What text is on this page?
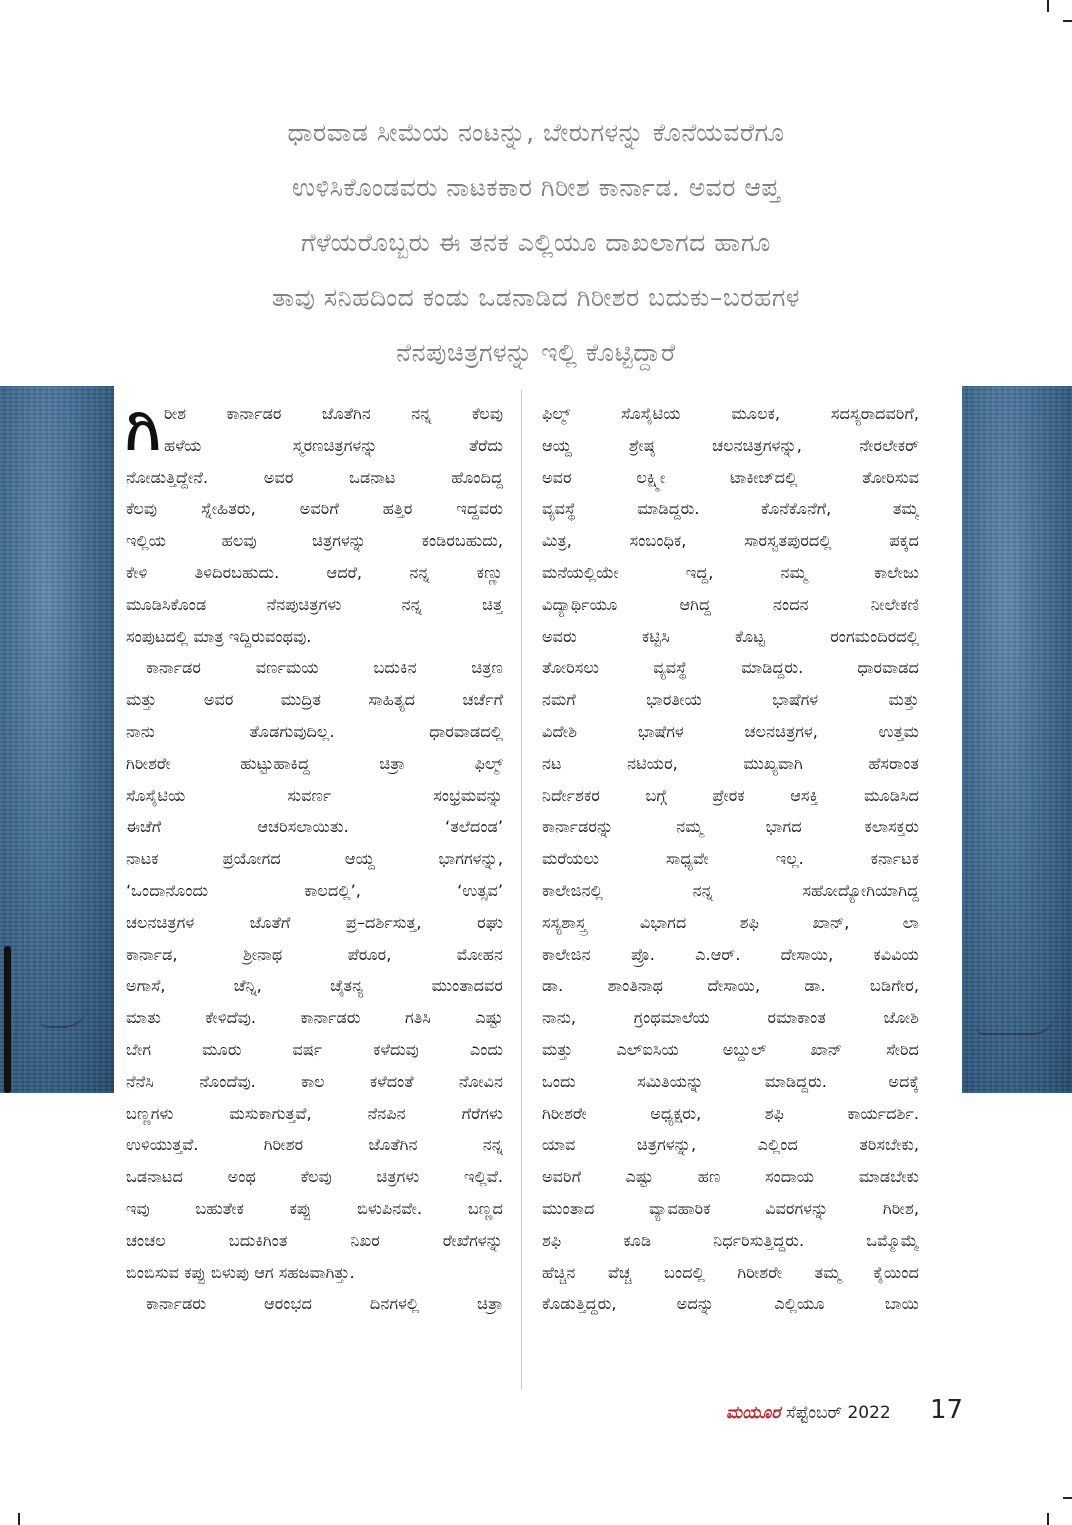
ಧಾರವಾಡ ಸೀಮೆಯ ನಂಟನ್ನು, ಬೇರುಗಳನ್ನು ಕೊನೆಯವರೆಗೂ
ಉಳಿಸಿಕೊಂಡವರು ನಾಟಕಕಾರ ಗಿರೀಶ ಕಾರ್ನಾಡ. ಅವರ ಆಪ್ತ
ಗೆಳೆಯರೊಬ್ಬರು ಈ ತನಕ ಎಲ್ಲಿಯೂ ದಾಖಲಾಗದ ಹಾಗೂ
ತಾವು ಸನಿಹದಿಂದ ಕಂಡು ಒಡನಾಡಿದ ಗಿರೀಶರ ಬದುಕು–ಬರಹಗಳ
ನೆನಪುಚಿತ್ರಗಳನ್ನು ಇಲ್ಲಿ ಕೊಟ್ಟಿದ್ದಾರೆ
ಗಿ ರೀಶ ಕಾರ್ನಾಡರ ಜೊತೆಗಿನ ನನ್ನ ಕೆಲವು
ಹಳೆಯ ಸ್ಮರಣಚಿತ್ರಗಳನ್ನು ತೆರೆದು
ನೋಡುತ್ತಿದ್ದೇನೆ. ಅವರ ಒಡನಾಟ ಹೊಂದಿದ್ದ
ಕೆಲವು ಸ್ನೇಹಿತರು, ಅವರಿಗೆ ಹತ್ತಿರ ಇದ್ದವರು
ಇಲ್ಲಿಯ ಹಲವು ಚಿತ್ರಗಳನ್ನು ಕಂಡಿರಬಹುದು,
ಕೇಳಿ ತಿಳಿದಿರಬಹುದು. ಆದರೆ, ನನ್ನ ಕಣ್ಣು
ಮೂಡಿಸಿಕೊಂಡ ನೆನಪುಚಿತ್ರಗಳು ನನ್ನ ಚಿತ್ತ
ಸಂಪುಟದಲ್ಲಿ ಮಾತ್ರ ಇದ್ದಿರುವಂಥವು.
ಕಾರ್ನಾಡರ ವರ್ಣಮಯ ಬದುಕಿನ ಚಿತ್ರಣ
ಮತ್ತು ಅವರ ಮುದ್ರಿತ ಸಾಹಿತ್ಯದ ಚರ್ಚೆಗೆ
ನಾನು ತೊಡಗುವುದಿಲ್ಲ. ಧಾರವಾಡದಲ್ಲಿ
ಗಿರೀಶರೇ ಹುಟ್ಟುಹಾಕಿದ್ದ ಚಿತ್ರಾ ಫಿಲ್ಮ್
ಸೊಸೈಟಿಯ ಸುವರ್ಣ ಸಂಭ್ರಮವನ್ನು
ಈಚೆಗೆ ಆಚರಿಸಲಾಯಿತು. ‘ತಲೆದಂಡ’
ನಾಟಕ ಪ್ರಯೋಗದ ಆಯ್ದ ಭಾಗಗಳನ್ನು,
‘ಒಂದಾನೊಂದು ಕಾಲದಲ್ಲಿ’, ‘ಉತ್ಸವ’
ಚಲನಚಿತ್ರಗಳ ಜೊತೆಗೆ ಪ್ರ–ದರ್ಶಿಸುತ್ತ, ರಘು
ಕಾರ್ನಾಡ, ಶ್ರೀನಾಥ ಪೆರೂರ, ಮೋಹನ
ಅಗಾಸೆ, ಚೆನ್ನಿ, ಚೈತನ್ಯ ಮುಂತಾದವರ
ಮಾತು ಕೇಳಿದೆವು. ಕಾರ್ನಾಡರು ಗತಿಸಿ ಎಷ್ಟು
ಬೇಗ ಮೂರು ವರ್ಷ ಕಳೆದುವು ಎಂದು
ನೆನೆಸಿ ನೊಂದೆವು. ಕಾಲ ಕಳೆದಂತೆ ನೋವಿನ
ಬಣ್ಣಗಳು ಮಸುಕಾಗುತ್ತವೆ, ನೆನಪಿನ ಗೆರೆಗಳು
ಉಳಿಯುತ್ತವೆ. ಗಿರೀಶರ ಜೊತೆಗಿನ ನನ್ನ
ಒಡನಾಟದ ಅಂಥ ಕೆಲವು ಚಿತ್ರಗಳು ಇಲ್ಲಿವೆ.
ಇವು ಬಹುತೇಕ ಕಪ್ಪು ಬಿಳುಪಿನವೇ. ಬಣ್ಣದ
ಚಂಚಲ ಬದುಕಿಗಿಂತ ನಿಖರ ರೇಖೆಗಳನ್ನು
ಬಿಂಬಿಸುವ ಕಪ್ಪು ಬಿಳುಪು ಆಗ ಸಹಜವಾಗಿತ್ತು.
ಕಾರ್ನಾಡರು ಆರಂಭದ ದಿನಗಳಲ್ಲಿ ಚಿತ್ರಾ
ಫಿಲ್ಮ್ ಸೊಸೈಟಿಯ ಮೂಲಕ, ಸದಸ್ಯರಾದವರಿಗೆ,
ಆಯ್ದ ಶ್ರೇಷ್ಠ ಚಲನಚಿತ್ರಗಳನ್ನು, ನೇರಲೇಕರ್
ಅವರ ಲಕ್ಷ್ಮೀ ಟಾಕೀಜ್‌ದಲ್ಲಿ ತೋರಿಸುವ
ವ್ಯವಸ್ಥೆ ಮಾಡಿದ್ದರು. ಕೊನೆಕೊನೆಗೆ, ತಮ್ಮ
ಮಿತ್ರ, ಸಂಬಂಧಿಕ, ಸಾರಸ್ವತಪುರದಲ್ಲಿ ಪಕ್ಕದ
ಮನೆಯಲ್ಲಿಯೇ ಇದ್ದ, ನಮ್ಮ ಕಾಲೇಜು
ವಿದ್ಯಾರ್ಥಿಯೂ ಆಗಿದ್ದ ನಂದನ ನೀಲೇಕಣಿ
ಅವರು ಕಟ್ಟಿಸಿ ಕೊಟ್ಟ ರಂಗಮಂದಿರದಲ್ಲಿ
ತೋರಿಸಲು ವ್ಯವಸ್ಥೆ ಮಾಡಿದ್ದರು. ಧಾರವಾಡದ
ನಮಗೆ ಭಾರತೀಯ ಭಾಷೆಗಳ ಮತ್ತು
ವಿದೇಶಿ ಭಾಷೆಗಳ ಚಲನಚಿತ್ರಗಳ, ಉತ್ತಮ
ನಟ ನಟಿಯರ, ಮುಖ್ಯವಾಗಿ ಹೆಸರಾಂತ
ನಿರ್ದೇಶಕರ ಬಗ್ಗೆ ಪ್ರೇರಕ ಆಸಕ್ತಿ ಮೂಡಿಸಿದ
ಕಾರ್ನಾಡರನ್ನು ನಮ್ಮ ಭಾಗದ ಕಲಾಸಕ್ತರು
ಮರೆಯಲು ಸಾಧ್ಯವೇ ಇಲ್ಲ. ಕರ್ನಾಟಕ
ಕಾಲೇಜಿನಲ್ಲಿ ನನ್ನ ಸಹೋದ್ಯೋಗಿಯಾಗಿದ್ದ
ಸಸ್ಯಶಾಸ್ತ್ರ ವಿಭಾಗದ ಶಫಿ ಖಾನ್, ಲಾ
ಕಾಲೇಜಿನ ಪ್ರೊ. ಎ.ಆರ್. ದೇಸಾಯಿ, ಕವಿವಿಯ
ಡಾ. ಶಾಂತಿನಾಥ ದೇಸಾಯಿ, ಡಾ. ಬಡಿಗೇರ,
ನಾನು, ಗ್ರಂಥಮಾಲೆಯ ರಮಾಕಾಂತ ಜೋಶಿ
ಮತ್ತು ಎಲ್‌ಐಸಿಯ ಅಬ್ದುಲ್ ಖಾನ್ ಸೇರಿದ
ಒಂದು ಸಮಿತಿಯನ್ನು ಮಾಡಿದ್ದರು. ಅದಕ್ಕೆ
ಗಿರೀಶರೇ ಅಧ್ಯಕ್ಷರು, ಶಫಿ ಕಾರ್ಯದರ್ಶಿ.
ಯಾವ ಚಿತ್ರಗಳನ್ನು, ಎಲ್ಲಿಂದ ತರಿಸಬೇಕು,
ಅವರಿಗೆ ಎಷ್ಟು ಹಣ ಸಂದಾಯ ಮಾಡಬೇಕು
ಮುಂತಾದ ವ್ಯಾವಹಾರಿಕ ವಿವರಗಳನ್ನು ಗಿರೀಶ,
ಶಫಿ ಕೂಡಿ ನಿರ್ಧರಿಸುತ್ತಿದ್ದರು. ಒಮ್ಮೊಮ್ಮೆ
ಹೆಚ್ಚಿನ ವೆಚ್ಚ ಬಂದಲ್ಲಿ ಗಿರೀಶರೇ ತಮ್ಮ ಕೈಯಿಂದ
ಕೊಡುತ್ತಿದ್ದರು, ಅದನ್ನು ಎಲ್ಲಿಯೂ ಬಾಯಿ
ಮಯೂರ ಸೆಪ್ಟೆಂಬರ್ 2022 17
